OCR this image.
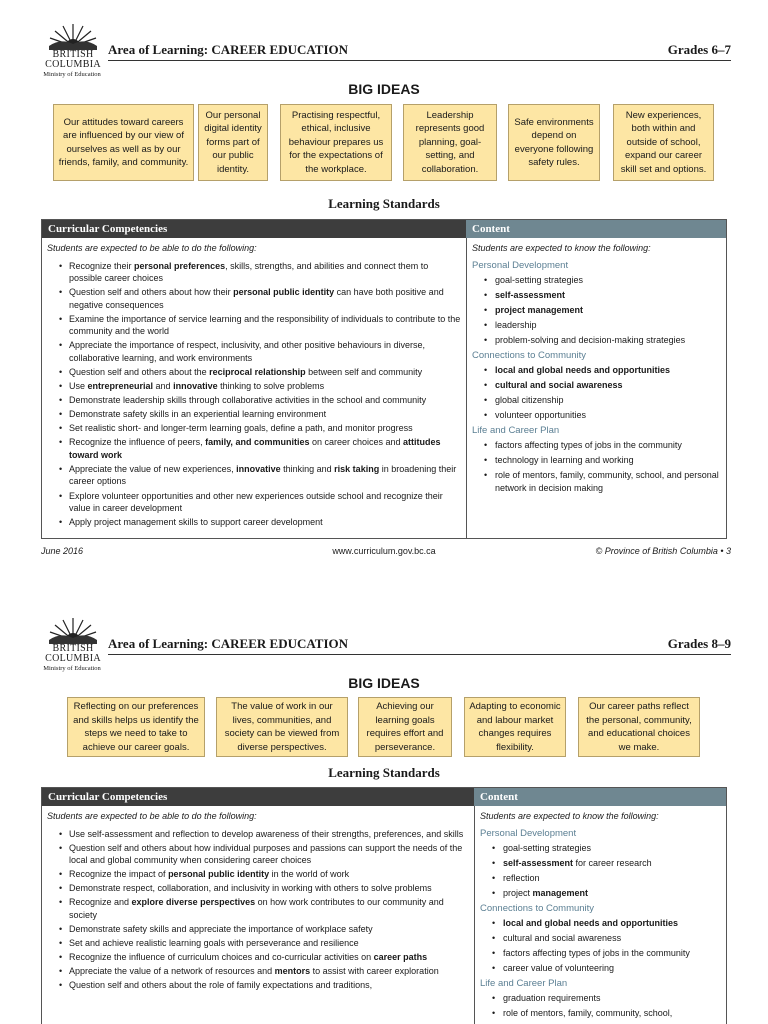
BRITISH
COLUMBIA
Ministry of Education
Area of Learning: CAREER EDUCATION	Grades 6–7
BIG IDEAS
Our attitudes toward careers are influenced by our view of ourselves as well as by our friends, family, and community.
Our personal digital identity forms part of our public identity.
Practising respectful, ethical, inclusive behaviour prepares us for the expectations of the workplace.
Leadership represents good planning, goal-setting, and collaboration.
Safe environments depend on everyone following safety rules.
New experiences, both within and outside of school, expand our career skill set and options.
Learning Standards
Curricular Competencies	Content
Students are expected to be able to do the following:
• Recognize their personal preferences, skills, strengths, and abilities and connect them to possible career choices
• Question self and others about how their personal public identity can have both positive and negative consequences
• Examine the importance of service learning and the responsibility of individuals to contribute to the community and the world
• Appreciate the importance of respect, inclusivity, and other positive behaviours in diverse, collaborative learning, and work environments
• Question self and others about the reciprocal relationship between self and community
• Use entrepreneurial and innovative thinking to solve problems
• Demonstrate leadership skills through collaborative activities in the school and community
• Demonstrate safety skills in an experiential learning environment
• Set realistic short- and longer-term learning goals, define a path, and monitor progress
• Recognize the influence of peers, family, and communities on career choices and attitudes toward work
• Appreciate the value of new experiences, innovative thinking and risk taking in broadening their career options
• Explore volunteer opportunities and other new experiences outside school and recognize their value in career development
• Apply project management skills to support career development
Students are expected to know the following:
Personal Development
• goal-setting strategies
• self-assessment
• project management
• leadership
• problem-solving and decision-making strategies
Connections to Community
• local and global needs and opportunities
• cultural and social awareness
• global citizenship
• volunteer opportunities
Life and Career Plan
• factors affecting types of jobs in the community
• technology in learning and working
• role of mentors, family, community, school, and personal network in decision making
June 2016	www.curriculum.gov.bc.ca	© Province of British Columbia • 3
BRITISH
COLUMBIA
Ministry of Education
Area of Learning: CAREER EDUCATION	Grades 8–9
BIG IDEAS
Reflecting on our preferences and skills helps us identify the steps we need to take to achieve our career goals.
The value of work in our lives, communities, and society can be viewed from diverse perspectives.
Achieving our learning goals requires effort and perseverance.
Adapting to economic and labour market changes requires flexibility.
Our career paths reflect the personal, community, and educational choices we make.
Learning Standards
Curricular Competencies	Content
Students are expected to be able to do the following:
• Use self-assessment and reflection to develop awareness of their strengths, preferences, and skills
• Question self and others about how individual purposes and passions can support the needs of the local and global community when considering career choices
• Recognize the impact of personal public identity in the world of work
• Demonstrate respect, collaboration, and inclusivity in working with others to solve problems
• Recognize and explore diverse perspectives on how work contributes to our community and society
• Demonstrate safety skills and appreciate the importance of workplace safety
• Set and achieve realistic learning goals with perseverance and resilience
• Recognize the influence of curriculum choices and co-curricular activities on career paths
• Appreciate the value of a network of resources and mentors to assist with career exploration
• Question self and others about the role of family expectations and traditions,
Students are expected to know the following:
Personal Development
• goal-setting strategies
• self-assessment for career research
• reflection
• project management
Connections to Community
• local and global needs and opportunities
• cultural and social awareness
• factors affecting types of jobs in the community
• career value of volunteering
Life and Career Plan
• graduation requirements
• role of mentors, family, community, school,
